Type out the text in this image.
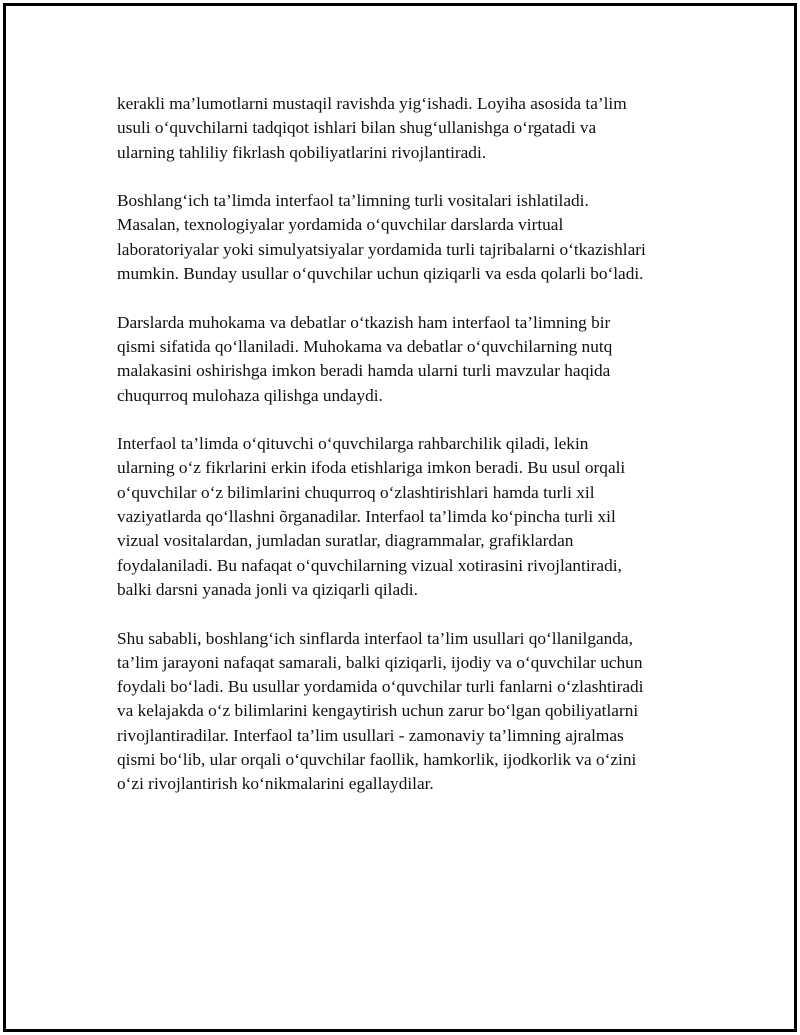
kerakli ma’lumotlarni mustaqil ravishda yig‘ishadi. Loyiha asosida ta’lim
usuli o‘quvchilarni tadqiqot ishlari bilan shug‘ullanishga o‘rgatadi va
ularning tahliliy fikrlash qobiliyatlarini rivojlantiradi.

Boshlang‘ich ta’limda interfaol ta’limning turli vositalari ishlatiladi.
Masalan, texnologiyalar yordamida o‘quvchilar darslarda virtual
laboratoriyalar yoki simulyatsiyalar yordamida turli tajribalarni o‘tkazishlari
mumkin. Bunday usullar o‘quvchilar uchun qiziqarli va esda qolarli bo‘ladi.

Darslarda muhokama va debatlar o‘tkazish ham interfaol ta’limning bir
qismi sifatida qo‘llaniladi. Muhokama va debatlar o‘quvchilarning nutq
malakasini oshirishga imkon beradi hamda ularni turli mavzular haqida
chuqurroq mulohaza qilishga undaydi.

Interfaol ta’limda o‘qituvchi o‘quvchilarga rahbarchilik qiladi, lekin
ularning o‘z fikrlarini erkin ifoda etishlariga imkon beradi. Bu usul orqali
o‘quvchilar o‘z bilimlarini chuqurroq o‘zlashtirishlari hamda turli xil
vaziyatlarda qo‘llashni õrganadilar. Interfaol ta’limda ko‘pincha turli xil
vizual vositalardan, jumladan suratlar, diagrammalar, grafiklardan
foydalaniladi. Bu nafaqat o‘quvchilarning vizual xotirasini rivojlantiradi,
balki darsni yanada jonli va qiziqarli qiladi.

Shu sababli, boshlang‘ich sinflarda interfaol ta’lim usullari qo‘llanilganda,
ta’lim jarayoni nafaqat samarali, balki qiziqarli, ijodiy va o‘quvchilar uchun
foydali bo‘ladi. Bu usullar yordamida o‘quvchilar turli fanlarni o‘zlashtiradi
va kelajakda o‘z bilimlarini kengaytirish uchun zarur bo‘lgan qobiliyatlarni
rivojlantiradilar. Interfaol ta’lim usullari - zamonaviy ta’limning ajralmas
qismi bo‘lib, ular orqali o‘quvchilar faollik, hamkorlik, ijodkorlik va o‘zini
o‘zi rivojlantirish ko‘nikmalarini egallaydilar.
